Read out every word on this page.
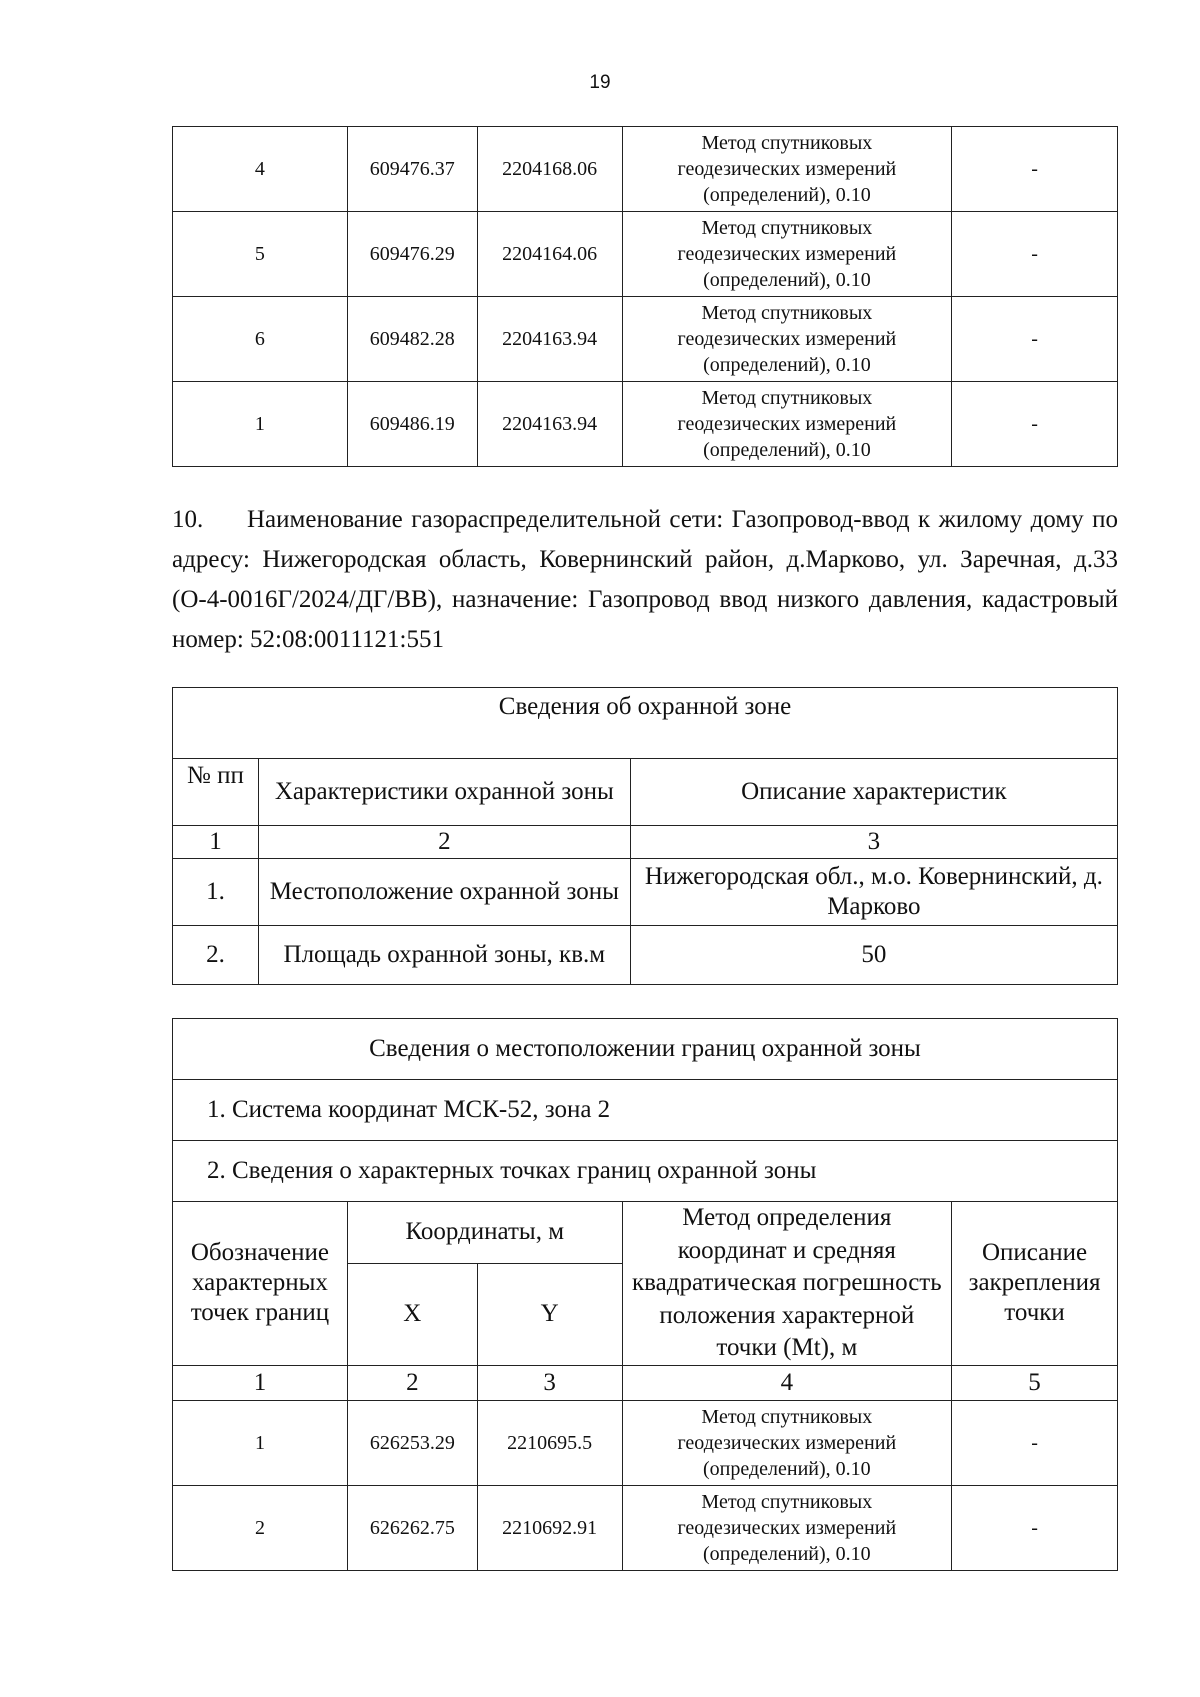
19
4	609476.37	2204168.06	Метод спутниковых
геодезических измерений
(определений), 0.10	-
5	609476.29	2204164.06	Метод спутниковых
геодезических измерений
(определений), 0.10	-
6	609482.28	2204163.94	Метод спутниковых
геодезических измерений
(определений), 0.10	-
1	609486.19	2204163.94	Метод спутниковых
геодезических измерений
(определений), 0.10	-
10. Наименование газораспределительной сети: Газопровод-ввод к жилому дому по адресу: Нижегородская область, Ковернинский район, д.Марково, ул. Заречная, д.33 (О-4-0016Г/2024/ДГ/ВВ), назначение: Газопровод ввод низкого давления, кадастровый номер: 52:08:0011121:551
Сведения об охранной зоне		
№ пп	Характеристики охранной зоны	Описание характеристик
1	2	3
1.	Местоположение охранной зоны	Нижегородская обл., м.о. Ковернинский, д. Марково
2.	Площадь охранной зоны, кв.м	50
Сведения о местоположении границ охранной зоны				
1. Система координат МСК-52, зона 2				
2. Сведения о характерных точках границ охранной зоны				
Обозначение характерных точек границ	Координаты, м		Метод определения координат и средняя квадратическая погрешность положения характерной точки (Mt), м	Описание закрепления точки
	X	Y		
1	2	3	4	5
1	626253.29	2210695.5	Метод спутниковых
геодезических измерений
(определений), 0.10	-
2	626262.75	2210692.91	Метод спутниковых
геодезических измерений
(определений), 0.10	-
